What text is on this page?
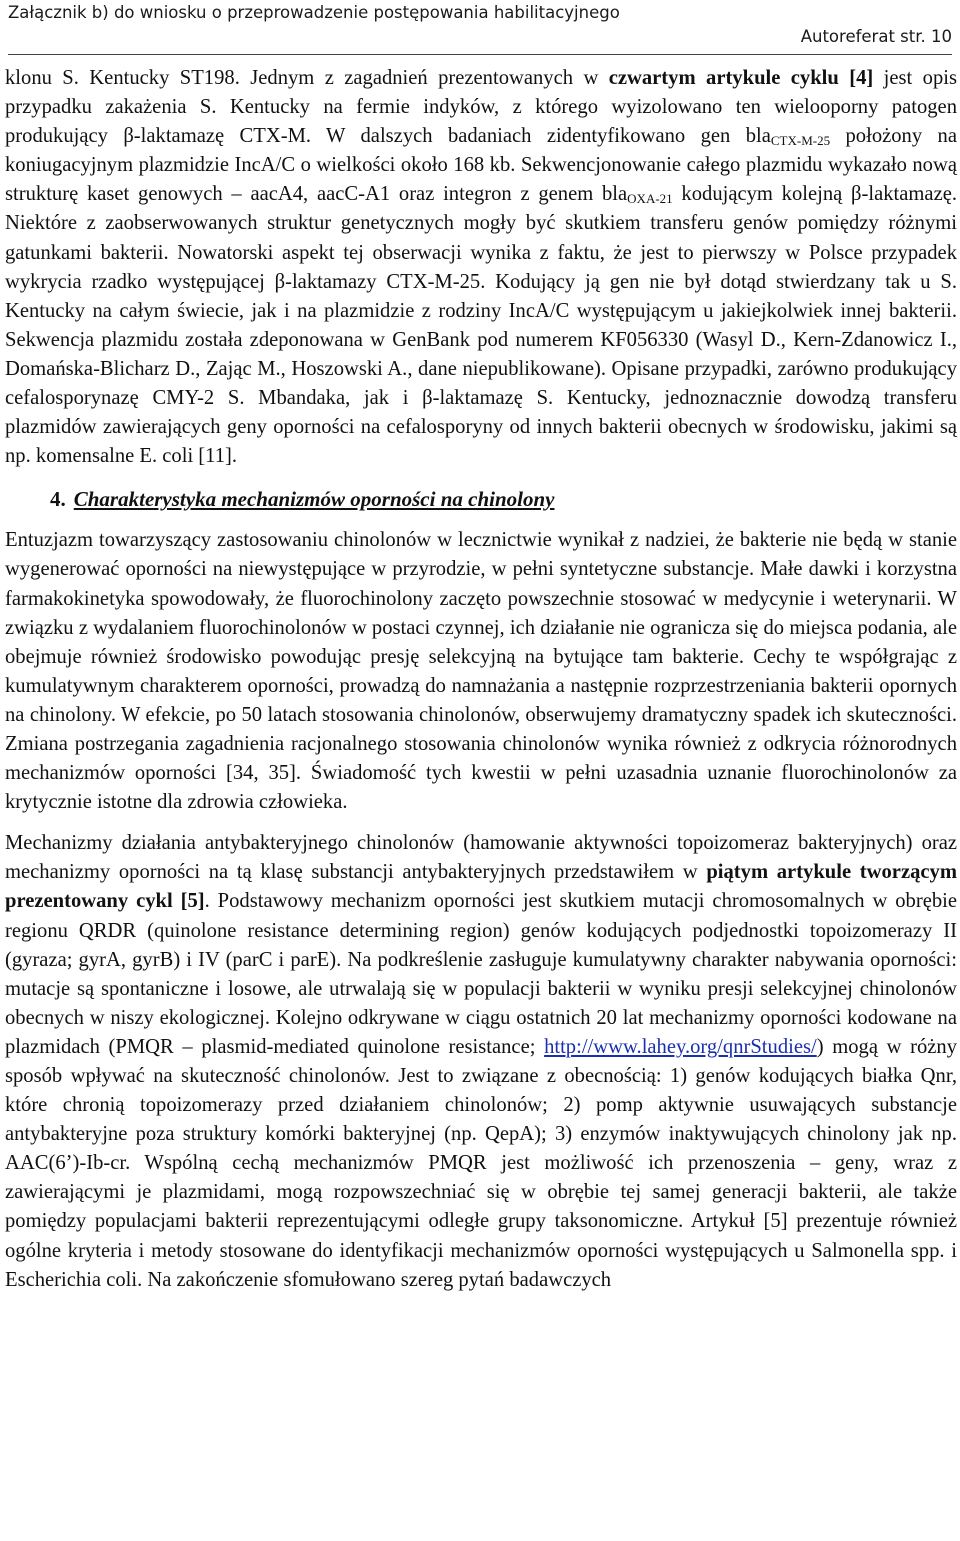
Załącznik b) do wniosku o przeprowadzenie postępowania habilitacyjnego
Autoreferat str. 10

klonu S. Kentucky ST198. Jednym z zagadnień prezentowanych w czwartym artykule cyklu [4] jest opis przypadku zakażenia S. Kentucky na fermie indyków, z którego wyizolowano ten wielooporny patogen produkujący β-laktamazę CTX-M. W dalszych badaniach zidentyfikowano gen bla$_{CTX-M-25}$ położony na koniugacyjnym plazmidzie IncA/C o wielkości około 168 kb. Sekwencjonowanie całego plazmidu wykazało nową strukturę kaset genowych – aacA4, aacC-A1 oraz integron z genem bla$_{OXA-21}$ kodującym kolejną β-laktamazę. Niektóre z zaobserwowanych struktur genetycznych mogły być skutkiem transferu genów pomiędzy różnymi gatunkami bakterii. Nowatorski aspekt tej obserwacji wynika z faktu, że jest to pierwszy w Polsce przypadek wykrycia rzadko występującej β-laktamazy CTX-M-25. Kodujący ją gen nie był dotąd stwierdzany tak u S. Kentucky na całym świecie, jak i na plazmidzie z rodziny IncA/C występującym u jakiejkolwiek innej bakterii. Sekwencja plazmidu została zdeponowana w GenBank pod numerem KF056330 (Wasyl D., Kern-Zdanowicz I., Domańska-Blicharz D., Zając M., Hoszowski A., dane niepublikowane). Opisane przypadki, zarówno produkujący cefalosporynazę CMY-2 S. Mbandaka, jak i β-laktamazę S. Kentucky, jednoznacznie dowodzą transferu plazmidów zawierających geny oporności na cefalosporyny od innych bakterii obecnych w środowisku, jakimi są np. komensalne E. coli [11].

4. Charakterystyka mechanizmów oporności na chinolony

Entuzjazm towarzyszący zastosowaniu chinolonów w lecznictwie wynikał z nadziei, że bakterie nie będą w stanie wygenerować oporności na niewystępujące w przyrodzie, w pełni syntetyczne substancje. Małe dawki i korzystna farmakokinetyka spowodowały, że fluorochinolony zaczęto powszechnie stosować w medycynie i weterynarii. W związku z wydalaniem fluorochinolonów w postaci czynnej, ich działanie nie ogranicza się do miejsca podania, ale obejmuje również środowisko powodując presję selekcyjną na bytujące tam bakterie. Cechy te współgrając z kumulatywnym charakterem oporności, prowadzą do namnażania a następnie rozprzestrzeniania bakterii opornych na chinolony. W efekcie, po 50 latach stosowania chinolonów, obserwujemy dramatyczny spadek ich skuteczności. Zmiana postrzegania zagadnienia racjonalnego stosowania chinolonów wynika również z odkrycia różnorodnych mechanizmów oporności [34, 35]. Świadomość tych kwestii w pełni uzasadnia uznanie fluorochinolonów za krytycznie istotne dla zdrowia człowieka.

Mechanizmy działania antybakteryjnego chinolonów (hamowanie aktywności topoizomeraz bakteryjnych) oraz mechanizmy oporności na tą klasę substancji antybakteryjnych przedstawiłem w piątym artykule tworzącym prezentowany cykl [5]. Podstawowy mechanizm oporności jest skutkiem mutacji chromosomalnych w obrębie regionu QRDR (quinolone resistance determining region) genów kodujących podjednostki topoizomerazy II (gyraza; gyrA, gyrB) i IV (parC i parE). Na podkreślenie zasługuje kumulatywny charakter nabywania oporności: mutacje są spontaniczne i losowe, ale utrwalają się w populacji bakterii w wyniku presji selekcyjnej chinolonów obecnych w niszy ekologicznej. Kolejno odkrywane w ciągu ostatnich 20 lat mechanizmy oporności kodowane na plazmidach (PMQR – plasmid-mediated quinolone resistance; http://www.lahey.org/qnrStudies/) mogą w różny sposób wpływać na skuteczność chinolonów. Jest to związane z obecnością: 1) genów kodujących białka Qnr, które chronią topoizomerazy przed działaniem chinolonów; 2) pomp aktywnie usuwających substancje antybakteryjne poza struktury komórki bakteryjnej (np. QepA); 3) enzymów inaktywujących chinolony jak np. AAC(6’)-Ib-cr. Wspólną cechą mechanizmów PMQR jest możliwość ich przenoszenia – geny, wraz z zawierającymi je plazmidami, mogą rozpowszechniać się w obrębie tej samej generacji bakterii, ale także pomiędzy populacjami bakterii reprezentującymi odległe grupy taksonomiczne. Artykuł [5] prezentuje również ogólne kryteria i metody stosowane do identyfikacji mechanizmów oporności występujących u Salmonella spp. i Escherichia coli. Na zakończenie sfomułowano szereg pytań badawczych
